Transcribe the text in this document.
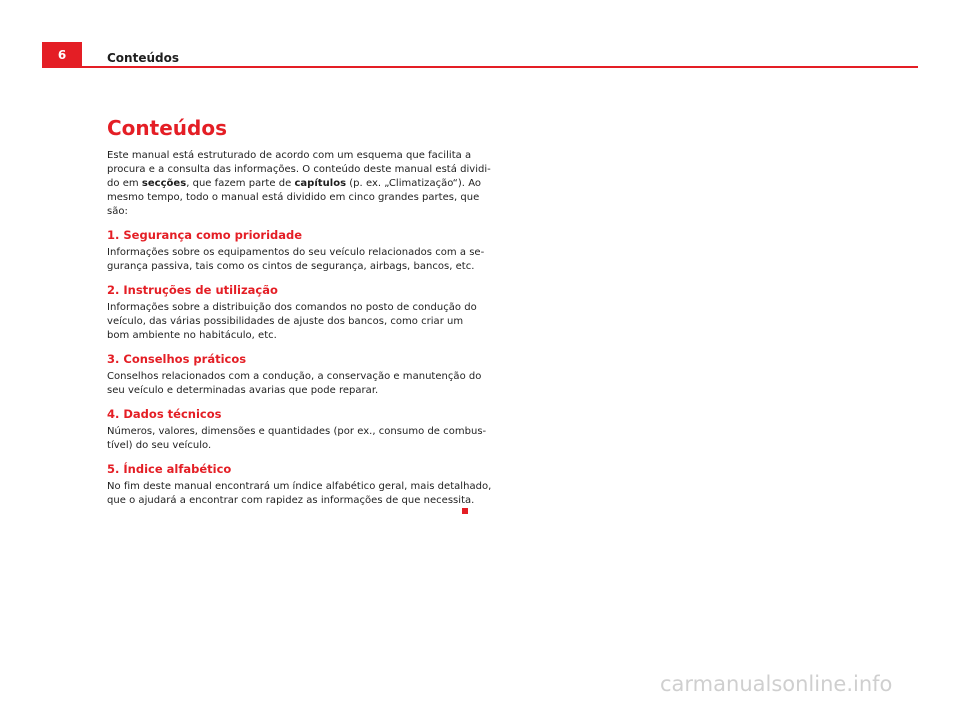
6	Conteúdos
Conteúdos

Este manual está estruturado de acordo com um esquema que facilita a
procura e a consulta das informações. O conteúdo deste manual está dividi-
do em secções, que fazem parte de capítulos (p. ex. „Climatização“). Ao
mesmo tempo, todo o manual está dividido em cinco grandes partes, que
são:

1. Segurança como prioridade

Informações sobre os equipamentos do seu veículo relacionados com a se-
gurança passiva, tais como os cintos de segurança, airbags, bancos, etc.

2. Instruções de utilização

Informações sobre a distribuição dos comandos no posto de condução do
veículo, das várias possibilidades de ajuste dos bancos, como criar um
bom ambiente no habitáculo, etc.

3. Conselhos práticos

Conselhos relacionados com a condução, a conservação e manutenção do
seu veículo e determinadas avarias que pode reparar.

4. Dados técnicos

Números, valores, dimensões e quantidades (por ex., consumo de combus-
tível) do seu veículo.

5. Índice alfabético

No fim deste manual encontrará um índice alfabético geral, mais detalhado,
que o ajudará a encontrar com rapidez as informações de que necessita.

carmanualsonline.info
